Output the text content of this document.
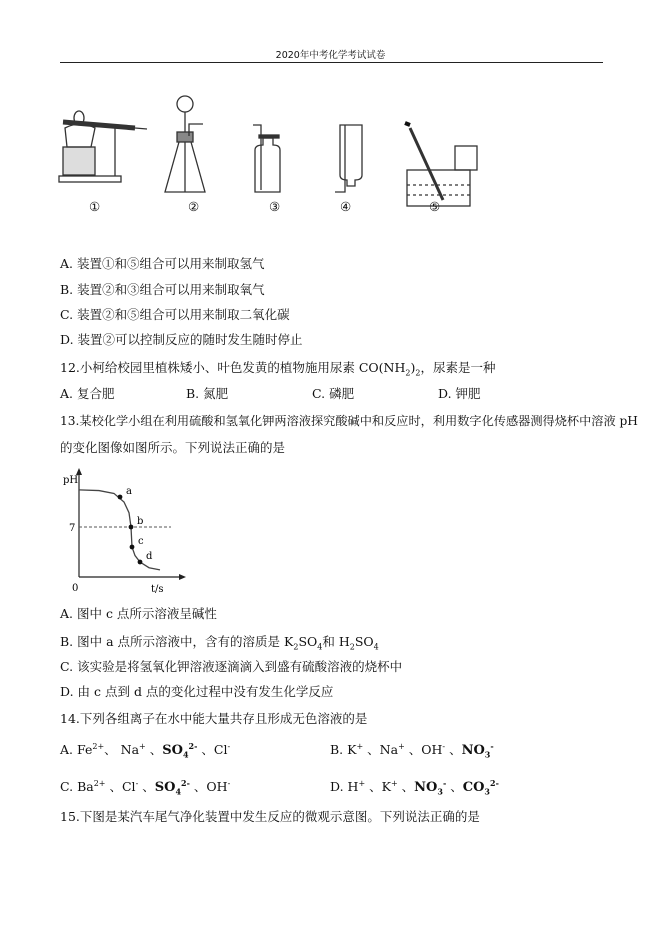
2020年中考化学考试试卷
①	②	③	④	⑤
A. 装置①和⑤组合可以用来制取氢气
B. 装置②和③组合可以用来制取氧气
C. 装置②和⑤组合可以用来制取二氧化碳
D. 装置②可以控制反应的随时发生随时停止
12.小柯给校园里植株矮小、叶色发黄的植物施用尿素 $CO(NH_2)_2$，尿素是一种
A. 复合肥	B. 氮肥	C. 磷肥	D. 钾肥
13.某校化学小组在利用硫酸和氢氧化钾两溶液探究酸碱中和反应时，利用数字化传感器测得烧杯中溶液 pH
的变化图像如图所示。下列说法正确的是
pH
t/s
0
7
a
b
c
d
A. 图中 c 点所示溶液呈碱性
B. 图中 a 点所示溶液中，含有的溶质是 $K_2SO_4$和 $H_2SO_4$
C. 该实验是将氢氧化钾溶液逐滴滴入到盛有硫酸溶液的烧杯中
D. 由 c 点到 d 点的变化过程中没有发生化学反应
14.下列各组离子在水中能大量共存且形成无色溶液的是
A. $Fe^{2+}$、 Na+ 、$SO_4^{2-}$ 、Cl-	B. K+ 、Na+ 、OH- 、$NO_3^-$
C. $Ba^{2+}$ 、Cl- 、$SO_4^{2-}$ 、OH-	D. H+ 、K+ 、$NO_3^-$ 、$CO_3^{2-}$
15.下图是某汽车尾气净化装置中发生反应的微观示意图。下列说法正确的是
